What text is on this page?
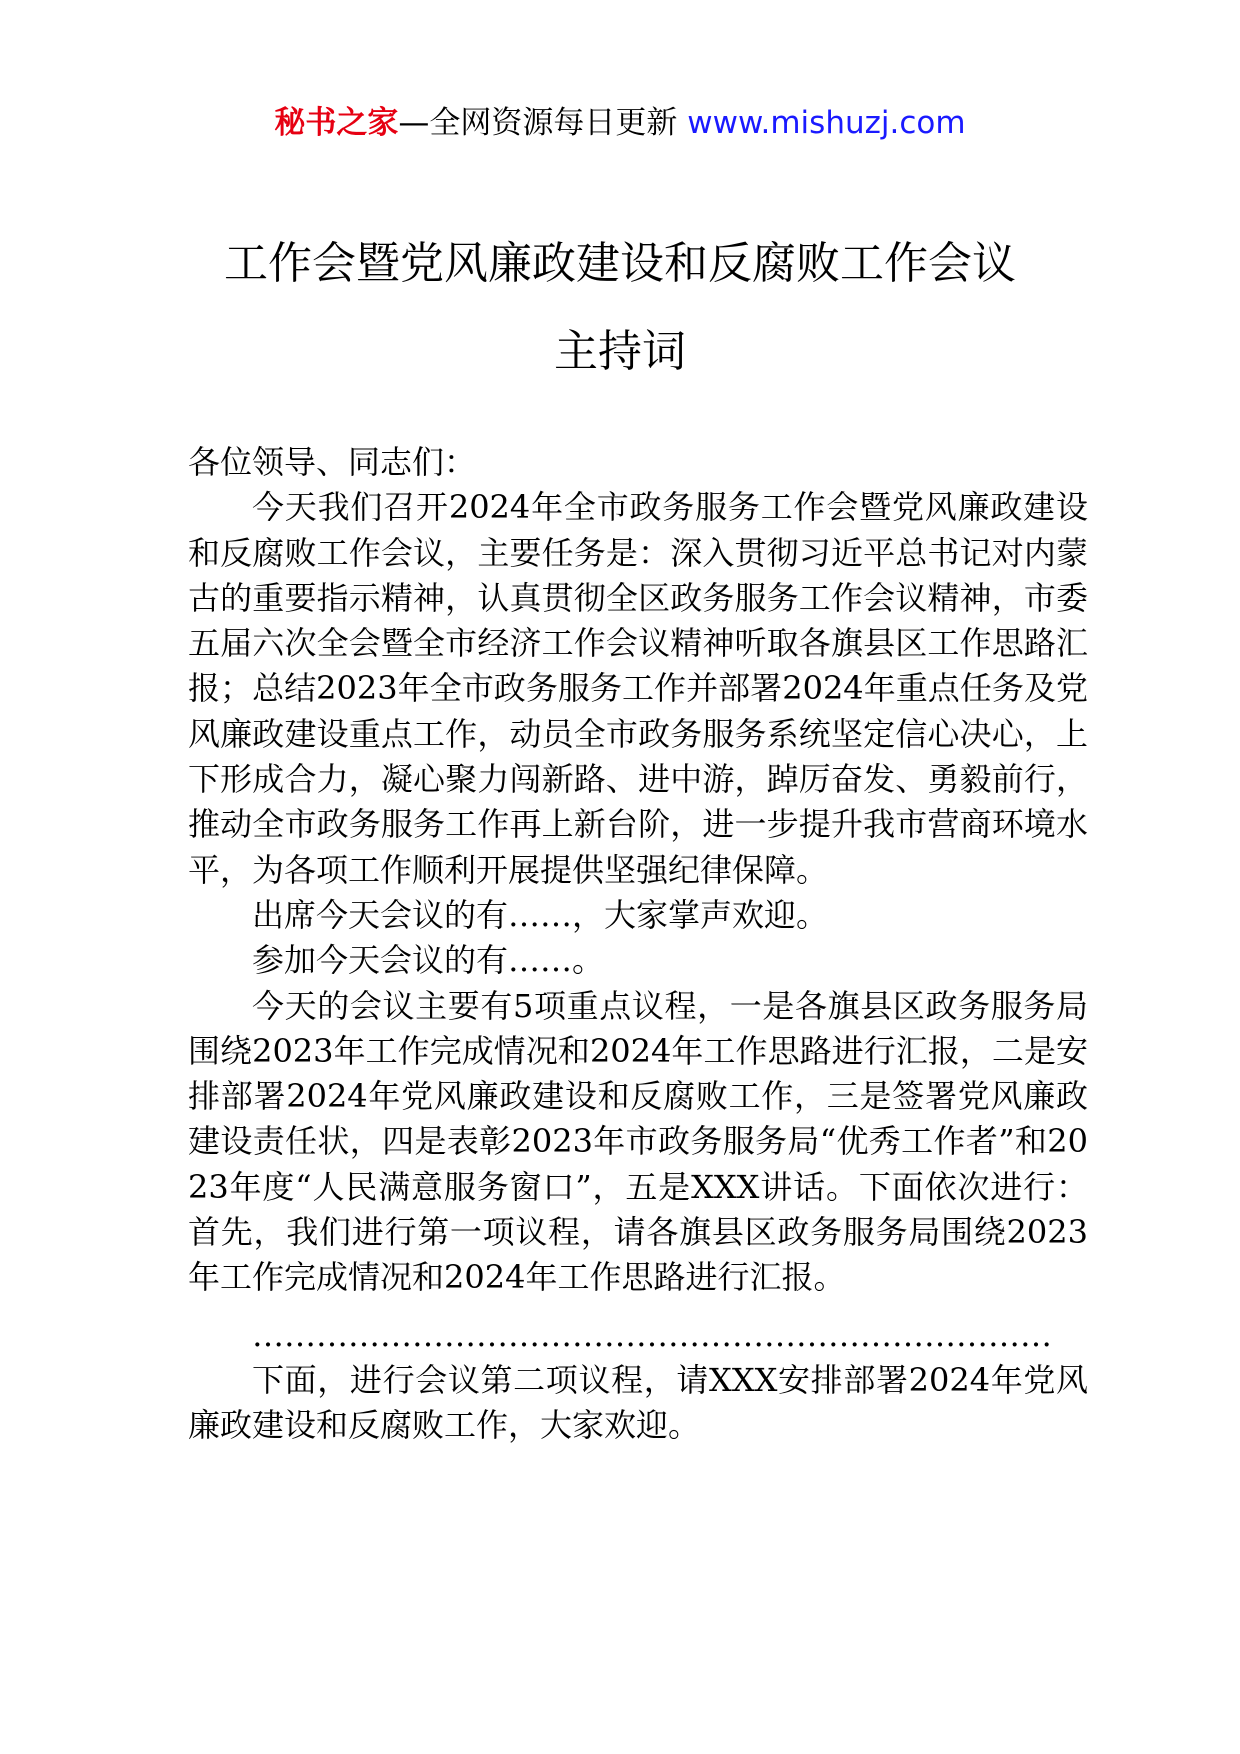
秘书之家—全网资源每日更新 www.mishuzj.com
工作会暨党风廉政建设和反腐败工作会议
主持词

各位领导、同志们：

今天我们召开2024年全市政务服务工作会暨党风廉政建设和反腐败工作会议，主要任务是：深入贯彻习近平总书记对内蒙古的重要指示精神，认真贯彻全区政务服务工作会议精神，市委五届六次全会暨全市经济工作会议精神听取各旗县区工作思路汇报；总结2023年全市政务服务工作并部署2024年重点任务及党风廉政建设重点工作，动员全市政务服务系统坚定信心决心，上下形成合力，凝心聚力闯新路、进中游，踔厉奋发、勇毅前行，推动全市政务服务工作再上新台阶，进一步提升我市营商环境水平，为各项工作顺利开展提供坚强纪律保障。

出席今天会议的有……，大家掌声欢迎。

参加今天会议的有……。

今天的会议主要有5项重点议程，一是各旗县区政务服务局围绕2023年工作完成情况和2024年工作思路进行汇报，二是安排部署2024年党风廉政建设和反腐败工作，三是签署党风廉政建设责任状，四是表彰2023年市政务服务局“优秀工作者”和2023年度“人民满意服务窗口”，五是XXX讲话。下面依次进行：首先，我们进行第一项议程，请各旗县区政务服务局围绕2023年工作完成情况和2024年工作思路进行汇报。

…………………………………………………………………

下面，进行会议第二项议程，请XXX安排部署2024年党风廉政建设和反腐败工作，大家欢迎。
